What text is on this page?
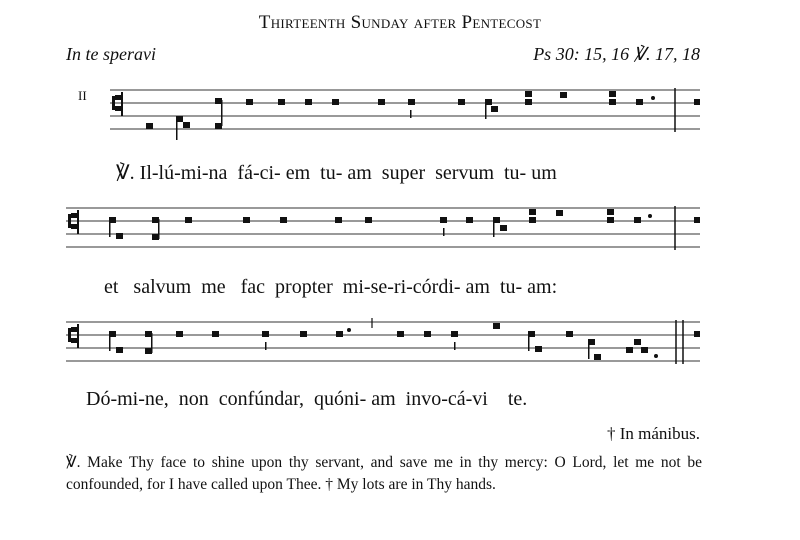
Thirteenth Sunday after Pentecost
In te speravi	Ps 30: 15, 16 ℣. 17, 18
II
℣. Il-lú-mi-na  fá-ci- em  tu- am  super  servum  tu- um
et   salvum  me   fac  propter  mi-se-ri-córdi- am  tu- am:
Dó-mi-ne,  non  confúndar,  quóni- am  invo-cá-vi    te.
† In mánibus.
℣. Make Thy face to shine upon thy servant, and save me in thy mercy: O Lord, let me not be confounded, for I have called upon Thee. † My lots are in Thy hands.
